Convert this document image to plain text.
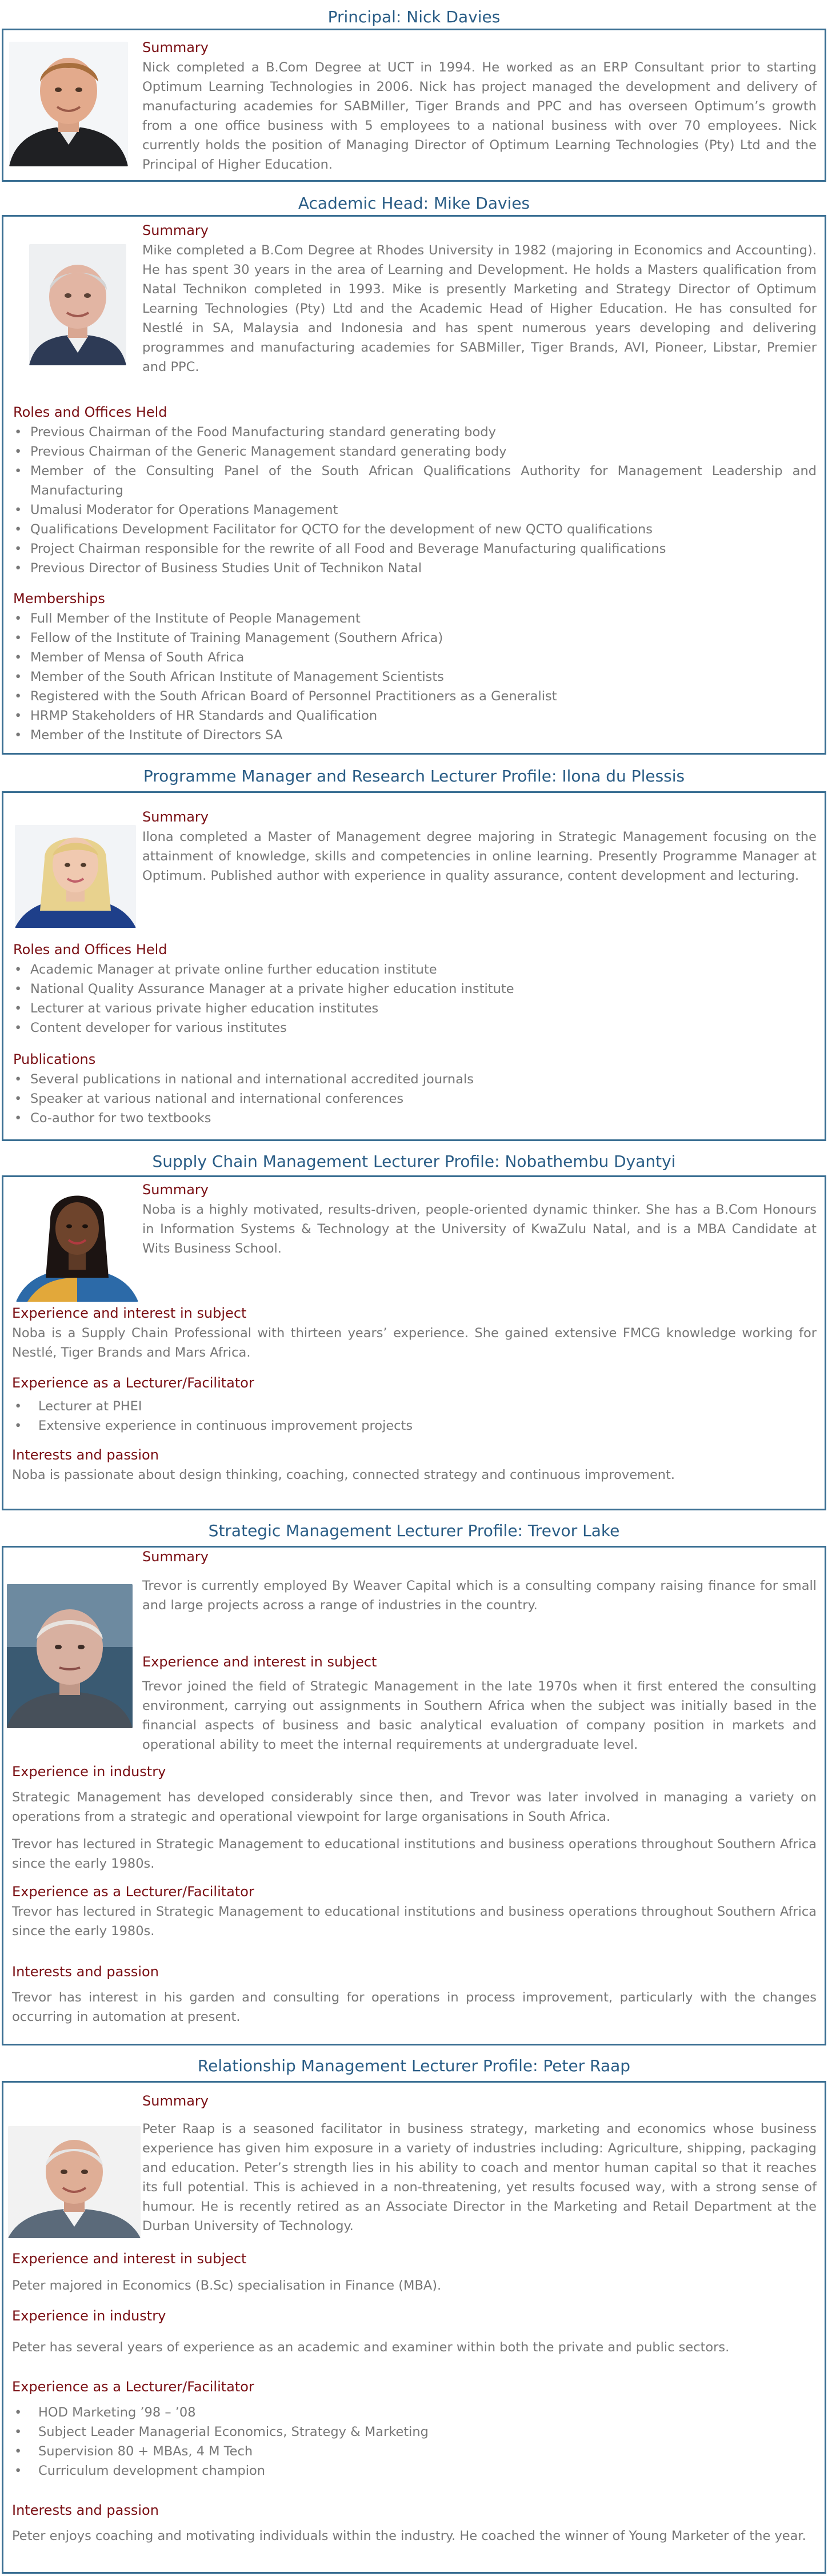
Principal: Nick Davies
Summary
Nick completed a B.Com Degree at UCT in 1994. He worked as an ERP Consultant prior to starting Optimum Learning Technologies in 2006. Nick has project managed the development and delivery of manufacturing academies for SABMiller, Tiger Brands and PPC and has overseen Optimum’s growth from a one office business with 5 employees to a national business with over 70 employees. Nick currently holds the position of Managing Director of Optimum Learning Technologies (Pty) Ltd and the Principal of Higher Education.
Academic Head: Mike Davies
Summary
Mike completed a B.Com Degree at Rhodes University in 1982 (majoring in Economics and Accounting). He has spent 30 years in the area of Learning and Development. He holds a Masters qualification from Natal Technikon completed in 1993. Mike is presently Marketing and Strategy Director of Optimum Learning Technologies (Pty) Ltd and the Academic Head of Higher Education. He has consulted for Nestlé in SA, Malaysia and Indonesia and has spent numerous years developing and delivering programmes and manufacturing academies for SABMiller, Tiger Brands, AVI, Pioneer, Libstar, Premier and PPC.
Roles and Offices Held
• Previous Chairman of the Food Manufacturing standard generating body
• Previous Chairman of the Generic Management standard generating body
• Member of the Consulting Panel of the South African Qualifications Authority for Management Leadership and Manufacturing
• Umalusi Moderator for Operations Management
• Qualifications Development Facilitator for QCTO for the development of new QCTO qualifications
• Project Chairman responsible for the rewrite of all Food and Beverage Manufacturing qualifications
• Previous Director of Business Studies Unit of Technikon Natal
Memberships
• Full Member of the Institute of People Management
• Fellow of the Institute of Training Management (Southern Africa)
• Member of Mensa of South Africa
• Member of the South African Institute of Management Scientists
• Registered with the South African Board of Personnel Practitioners as a Generalist
• HRMP Stakeholders of HR Standards and Qualification
• Member of the Institute of Directors SA
Programme Manager and Research Lecturer Profile: Ilona du Plessis
Summary
Ilona completed a Master of Management degree majoring in Strategic Management focusing on the attainment of knowledge, skills and competencies in online learning. Presently Programme Manager at Optimum. Published author with experience in quality assurance, content development and lecturing.
Roles and Offices Held
• Academic Manager at private online further education institute
• National Quality Assurance Manager at a private higher education institute
• Lecturer at various private higher education institutes
• Content developer for various institutes
Publications
• Several publications in national and international accredited journals
• Speaker at various national and international conferences
• Co-author for two textbooks
Supply Chain Management Lecturer Profile: Nobathembu Dyantyi
Summary
Noba is a highly motivated, results-driven, people-oriented dynamic thinker. She has a B.Com Honours in Information Systems & Technology at the University of KwaZulu Natal, and is a MBA Candidate at Wits Business School.
Experience and interest in subject
Noba is a Supply Chain Professional with thirteen years’ experience. She gained extensive FMCG knowledge working for Nestlé, Tiger Brands and Mars Africa.
Experience as a Lecturer/Facilitator
• Lecturer at PHEI
• Extensive experience in continuous improvement projects
Interests and passion
Noba is passionate about design thinking, coaching, connected strategy and continuous improvement.
Strategic Management Lecturer Profile: Trevor Lake
Summary
Trevor is currently employed By Weaver Capital which is a consulting company raising finance for small and large projects across a range of industries in the country.
Experience and interest in subject
Trevor joined the field of Strategic Management in the late 1970s when it first entered the consulting environment, carrying out assignments in Southern Africa when the subject was initially based in the financial aspects of business and basic analytical evaluation of company position in markets and operational ability to meet the internal requirements at undergraduate level.
Experience in industry
Strategic Management has developed considerably since then, and Trevor was later involved in managing a variety on operations from a strategic and operational viewpoint for large organisations in South Africa.
Trevor has lectured in Strategic Management to educational institutions and business operations throughout Southern Africa since the early 1980s.
Experience as a Lecturer/Facilitator
Trevor has lectured in Strategic Management to educational institutions and business operations throughout Southern Africa since the early 1980s.
Interests and passion
Trevor has interest in his garden and consulting for operations in process improvement, particularly with the changes occurring in automation at present.
Relationship Management Lecturer Profile: Peter Raap
Summary
Peter Raap is a seasoned facilitator in business strategy, marketing and economics whose business experience has given him exposure in a variety of industries including: Agriculture, shipping, packaging and education. Peter’s strength lies in his ability to coach and mentor human capital so that it reaches its full potential. This is achieved in a non-threatening, yet results focused way, with a strong sense of humour. He is recently retired as an Associate Director in the Marketing and Retail Department at the Durban University of Technology.
Experience and interest in subject
Peter majored in Economics (B.Sc) specialisation in Finance (MBA).
Experience in industry
Peter has several years of experience as an academic and examiner within both the private and public sectors.
Experience as a Lecturer/Facilitator
• HOD Marketing ’98 – ’08
• Subject Leader Managerial Economics, Strategy & Marketing
• Supervision 80 + MBAs, 4 M Tech
• Curriculum development champion
Interests and passion
Peter enjoys coaching and motivating individuals within the industry. He coached the winner of Young Marketer of the year.
